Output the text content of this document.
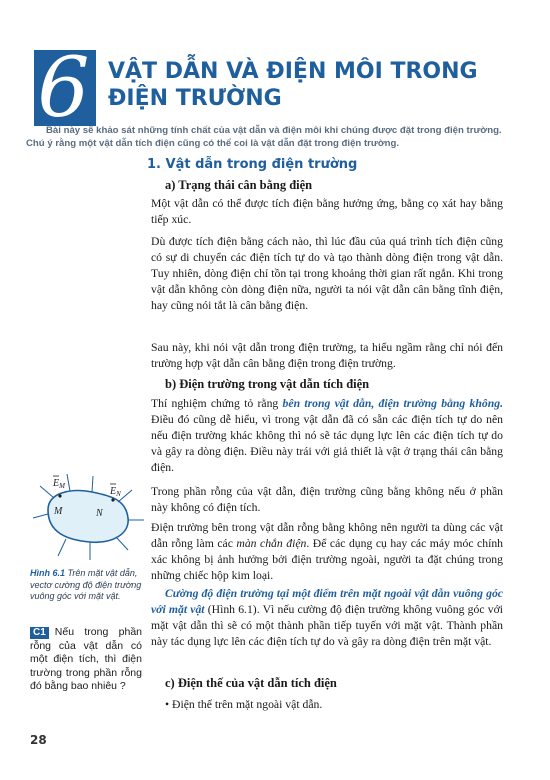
6 VẬT DẪN VÀ ĐIỆN MÔI TRONG ĐIỆN TRƯỜNG
Bài này sẽ khảo sát những tính chất của vật dẫn và điện môi khi chúng được đặt trong điện trường. Chú ý rằng một vật dẫn tích điện cũng có thể coi là vật dẫn đặt trong điện trường.
1. Vật dẫn trong điện trường
a) Trạng thái cân bằng điện

Một vật dẫn có thể được tích điện bằng hưởng ứng, bằng cọ xát hay bằng tiếp xúc.

Dù được tích điện bằng cách nào, thì lúc đầu của quá trình tích điện cũng có sự di chuyển các điện tích tự do và tạo thành dòng điện trong vật dẫn. Tuy nhiên, dòng điện chỉ tồn tại trong khoảng thời gian rất ngắn. Khi trong vật dẫn không còn dòng điện nữa, người ta nói vật dẫn cân bằng tĩnh điện, hay cũng nói tắt là cân bằng điện.

Sau này, khi nói vật dẫn trong điện trường, ta hiểu ngầm rằng chỉ nói đến trường hợp vật dẫn cân bằng điện trong điện trường.

b) Điện trường trong vật dẫn tích điện

Thí nghiệm chứng tỏ rằng bên trong vật dẫn, điện trường bằng không. Điều đó cũng dễ hiểu, vì trong vật dẫn đã có sẵn các điện tích tự do nên nếu điện trường khác không thì nó sẽ tác dụng lực lên các điện tích tự do và gây ra dòng điện. Điều này trái với giả thiết là vật ở trạng thái cân bằng điện.

Trong phần rỗng của vật dẫn, điện trường cũng bằng không nếu ở phần này không có điện tích.

Điện trường bên trong vật dẫn rỗng bằng không nên người ta dùng các vật dẫn rỗng làm các màn chắn điện. Để các dụng cụ hay các máy móc chính xác không bị ảnh hưởng bởi điện trường ngoài, người ta đặt chúng trong những chiếc hộp kim loại.

Cường độ điện trường tại một điểm trên mặt ngoài vật dẫn vuông góc với mặt vật (Hình 6.1). Vì nếu cường độ điện trường không vuông góc với mặt vật dẫn thì sẽ có một thành phần tiếp tuyến với mặt vật. Thành phần này tác dụng lực lên các điện tích tự do và gây ra dòng điện trên mặt vật.

c) Điện thế của vật dẫn tích điện

• Điện thế trên mặt ngoài vật dẫn.

$E_M$	$E_N$
M	N
Hình 6.1 Trên mặt vật dẫn, vectơ cường độ điện trường vuông góc với mặt vật.
C1 Nếu trong phần rỗng của vật dẫn có một điện tích, thì điện trường trong phần rỗng đó bằng bao nhiêu ?
28
